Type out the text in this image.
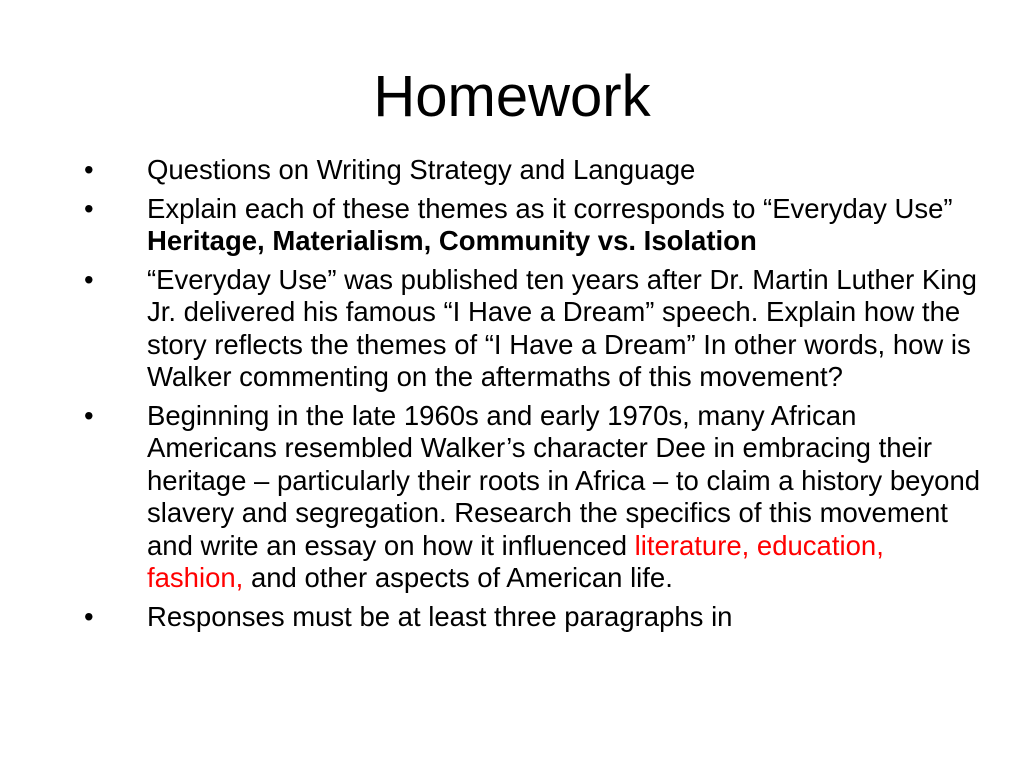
Homework
•	Questions on Writing Strategy and Language
•	Explain each of these themes as it corresponds to “Everyday Use” Heritage, Materialism, Community vs. Isolation
•	“Everyday Use” was published ten years after Dr. Martin Luther King Jr. delivered his famous “I Have a Dream” speech. Explain how the story reflects the themes of “I Have a Dream” In other words, how is Walker commenting on the aftermaths of this movement?
•	Beginning in the late 1960s and early 1970s, many African Americans resembled Walker’s character Dee in embracing their heritage – particularly their roots in Africa – to claim a history beyond slavery and segregation. Research the specifics of this movement and write an essay on how it influenced literature, education, fashion, and other aspects of American life.
•	Responses must be at least three paragraphs in
